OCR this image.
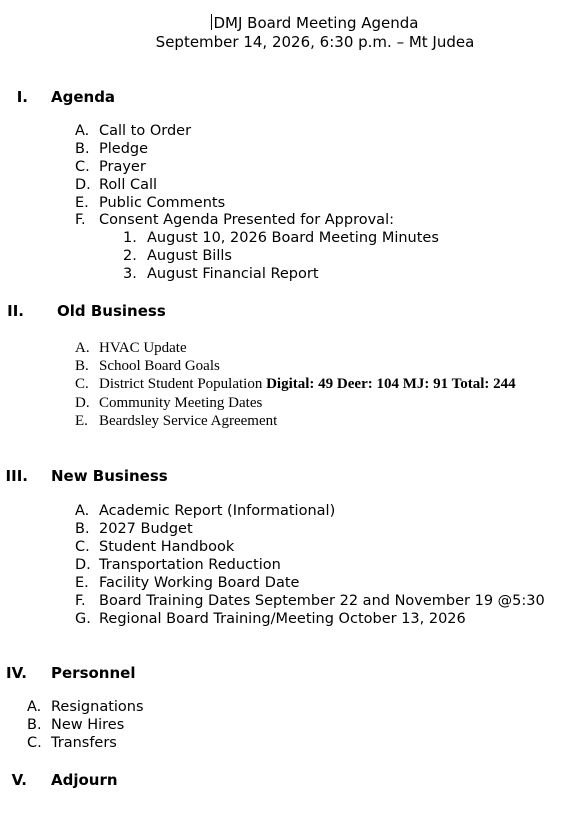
DMJ Board Meeting Agenda
September 14, 2026, 6:30 p.m. – Mt Judea
I. Agenda
A. Call to Order
B. Pledge
C. Prayer
D. Roll Call
E. Public Comments
F. Consent Agenda Presented for Approval:
1. August 10, 2026 Board Meeting Minutes
2. August Bills
3. August Financial Report
II. Old Business
A. HVAC Update
B. School Board Goals
C. District Student Population Digital: 49 Deer: 104 MJ: 91 Total: 244
D. Community Meeting Dates
E. Beardsley Service Agreement
III. New Business
A. Academic Report (Informational)
B. 2027 Budget
C. Student Handbook
D. Transportation Reduction
E. Facility Working Board Date
F. Board Training Dates September 22 and November 19 @5:30
G. Regional Board Training/Meeting October 13, 2026
IV. Personnel
A. Resignations
B. New Hires
C. Transfers
V. Adjourn
